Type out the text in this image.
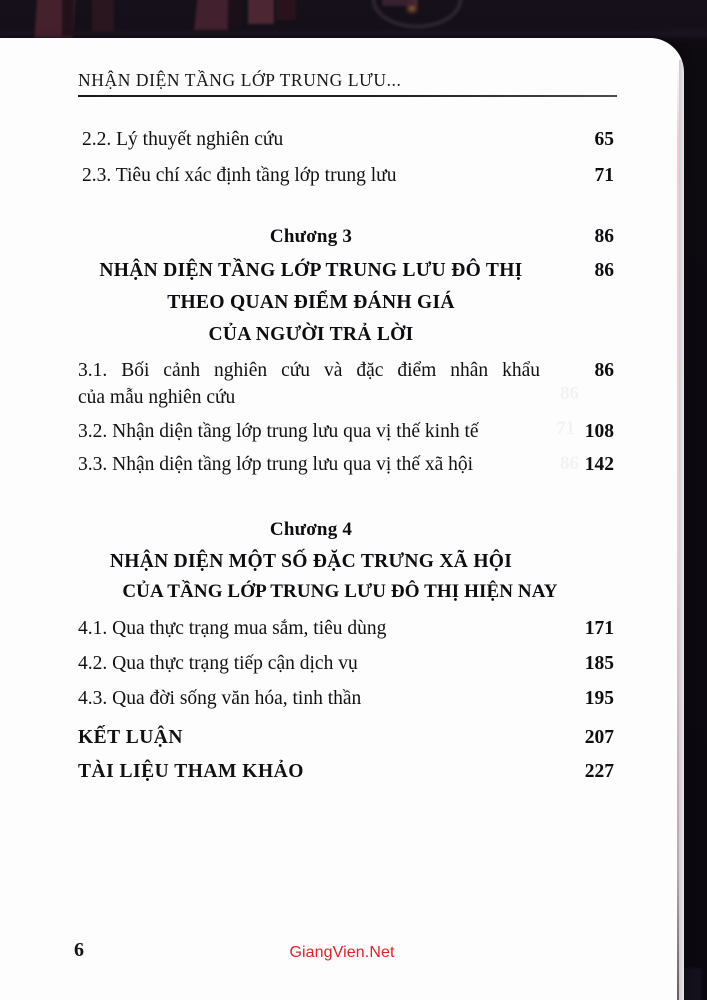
NHẬN DIỆN TẦNG LỚP TRUNG LƯU...
2.2. Lý thuyết nghiên cứu	65
2.3. Tiêu chí xác định tầng lớp trung lưu	71
Chương 3	86
NHẬN DIỆN TẦNG LỚP TRUNG LƯU ĐÔ THỊ	86
THEO QUAN ĐIỂM ĐÁNH GIÁ
CỦA NGƯỜI TRẢ LỜI
3.1. Bối cảnh nghiên cứu và đặc điểm nhân khẩu	86
của mẫu nghiên cứu
3.2. Nhận diện tầng lớp trung lưu qua vị thế kinh tế	108
3.3. Nhận diện tầng lớp trung lưu qua vị thế xã hội	142
Chương 4
NHẬN DIỆN MỘT SỐ ĐẶC TRƯNG XÃ HỘI
CỦA TẦNG LỚP TRUNG LƯU ĐÔ THỊ HIỆN NAY
4.1. Qua thực trạng mua sắm, tiêu dùng	171
4.2. Qua thực trạng tiếp cận dịch vụ	185
4.3. Qua đời sống văn hóa, tinh thần	195
KẾT LUẬN	207
TÀI LIỆU THAM KHẢO	227
6	GiangVien.Net
